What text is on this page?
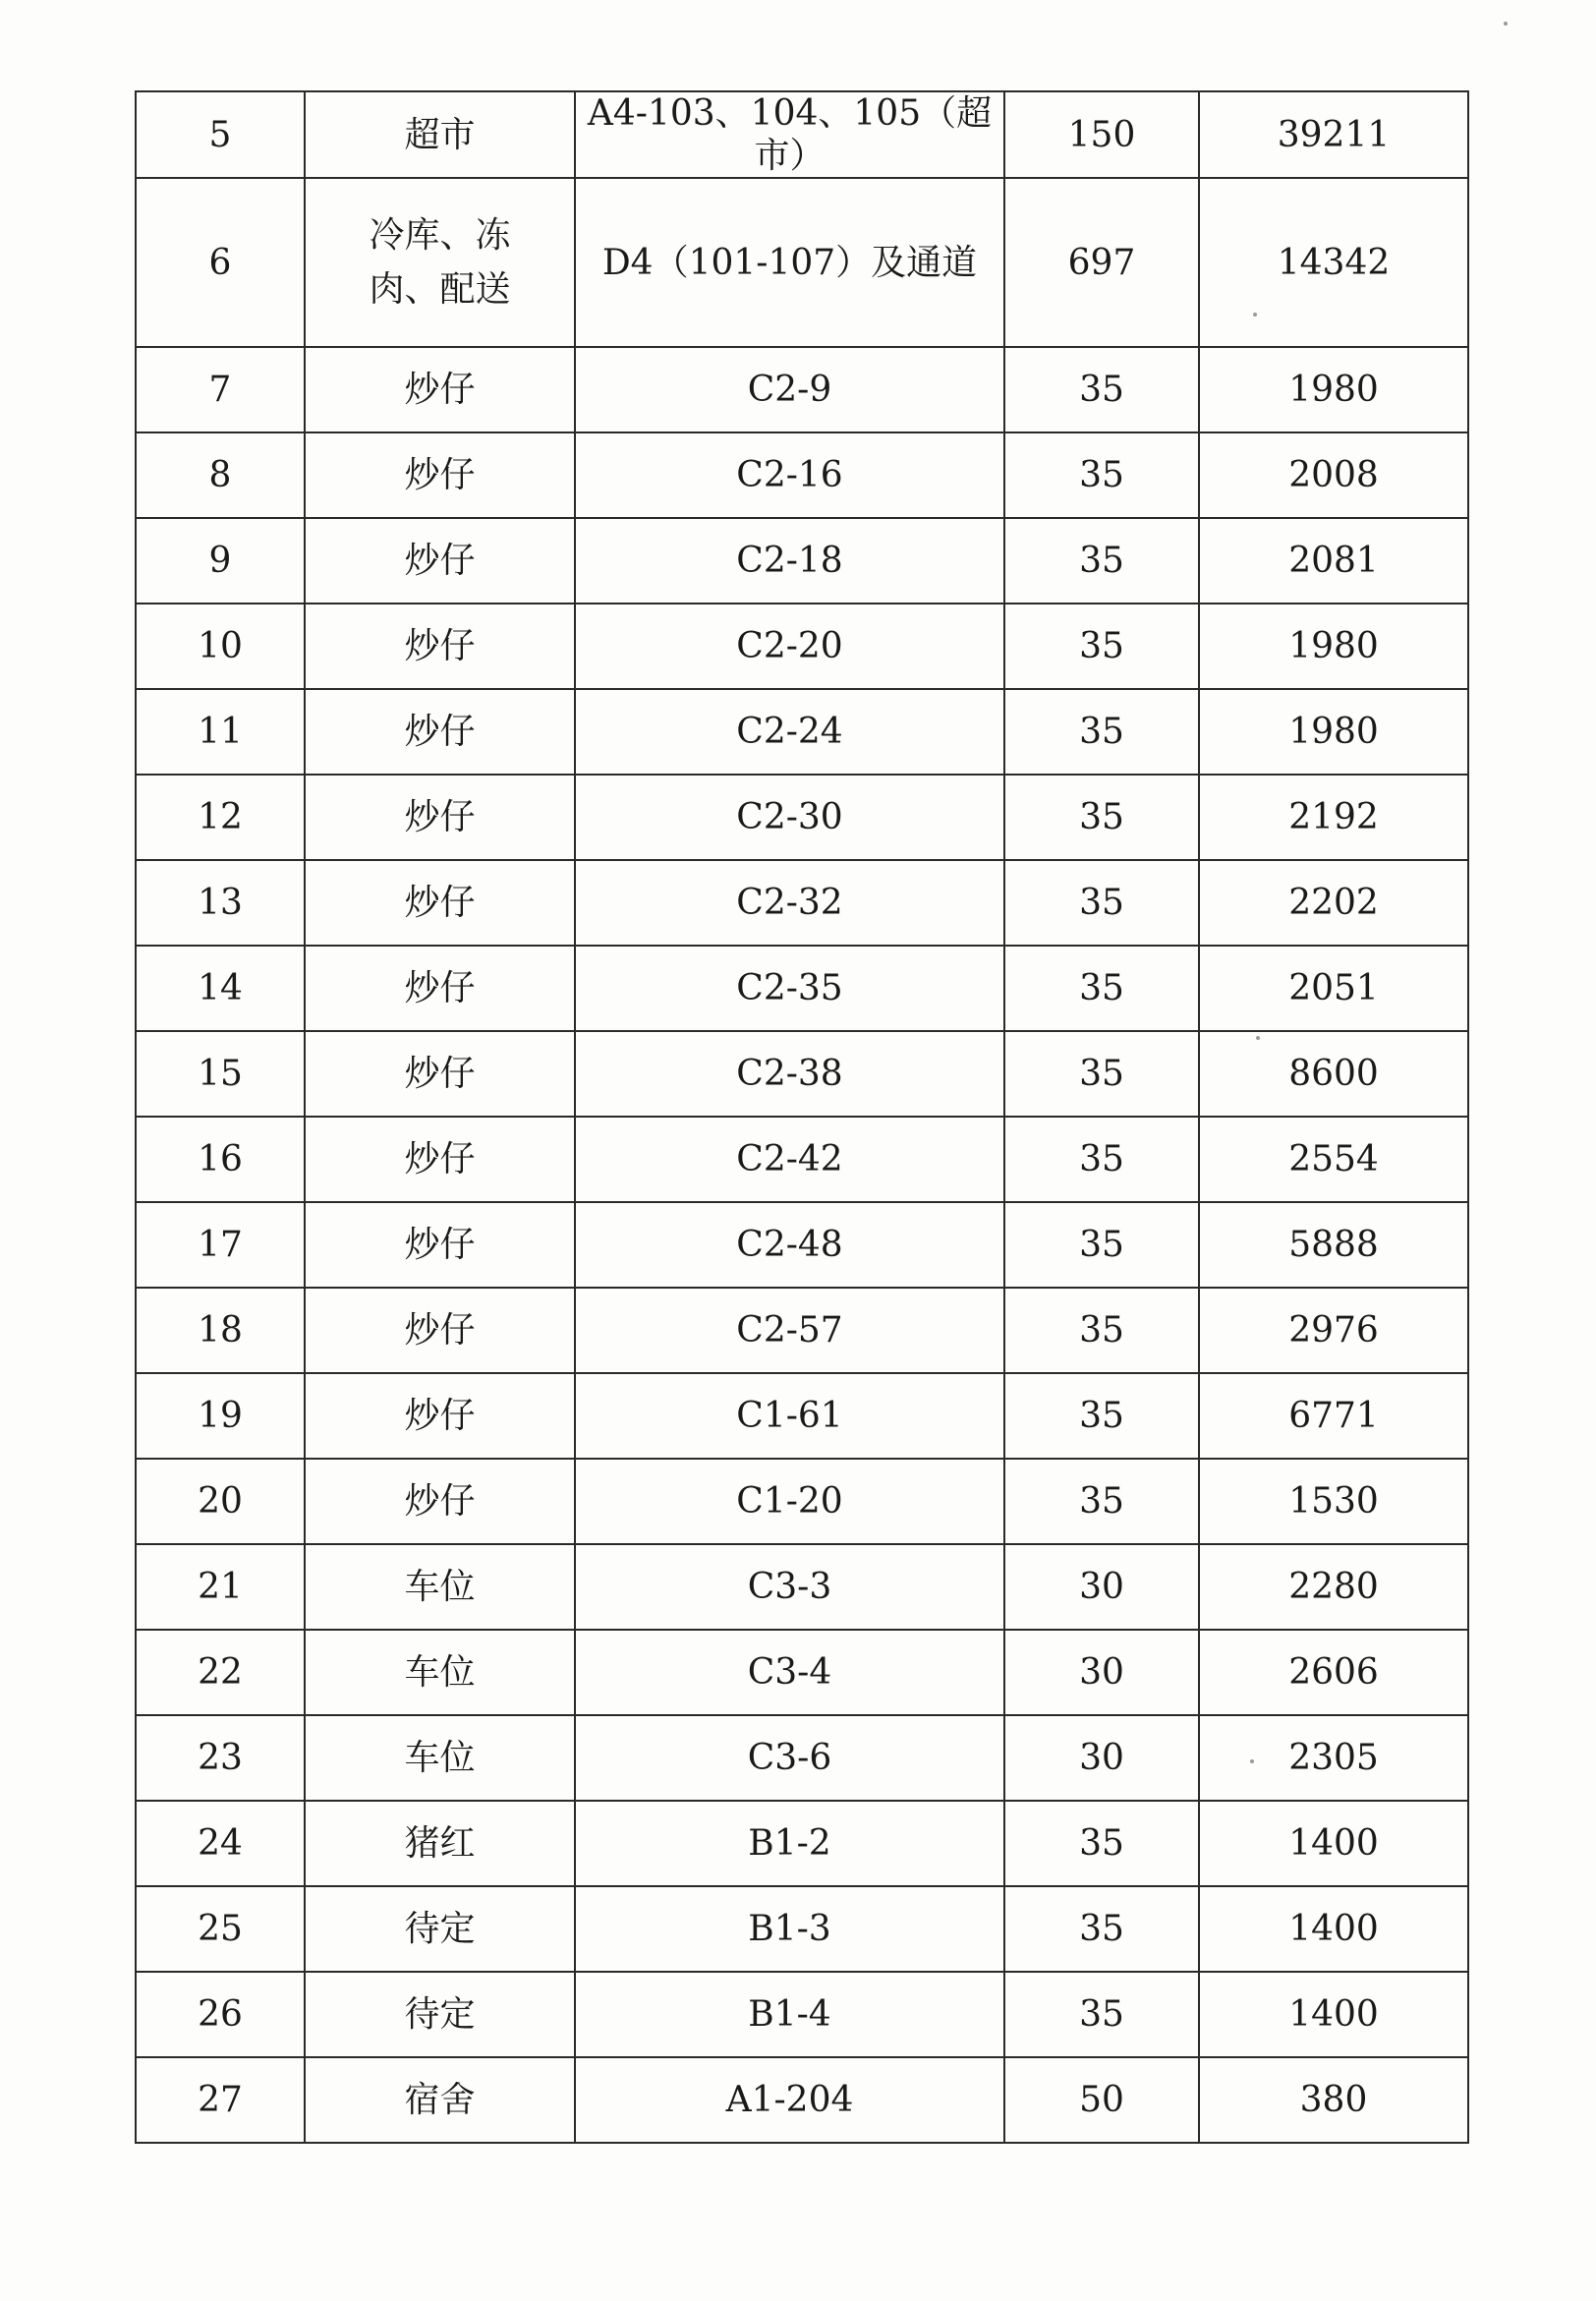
5	超市	A4-103、104、105（超市）	150	39211
6	冷库、冻肉、配送	D4（101-107）及通道	697	14342
7	炒仔	C2-9	35	1980
8	炒仔	C2-16	35	2008
9	炒仔	C2-18	35	2081
10	炒仔	C2-20	35	1980
11	炒仔	C2-24	35	1980
12	炒仔	C2-30	35	2192
13	炒仔	C2-32	35	2202
14	炒仔	C2-35	35	2051
15	炒仔	C2-38	35	8600
16	炒仔	C2-42	35	2554
17	炒仔	C2-48	35	5888
18	炒仔	C2-57	35	2976
19	炒仔	C1-61	35	6771
20	炒仔	C1-20	35	1530
21	车位	C3-3	30	2280
22	车位	C3-4	30	2606
23	车位	C3-6	30	2305
24	猪红	B1-2	35	1400
25	待定	B1-3	35	1400
26	待定	B1-4	35	1400
27	宿舍	A1-204	50	380
